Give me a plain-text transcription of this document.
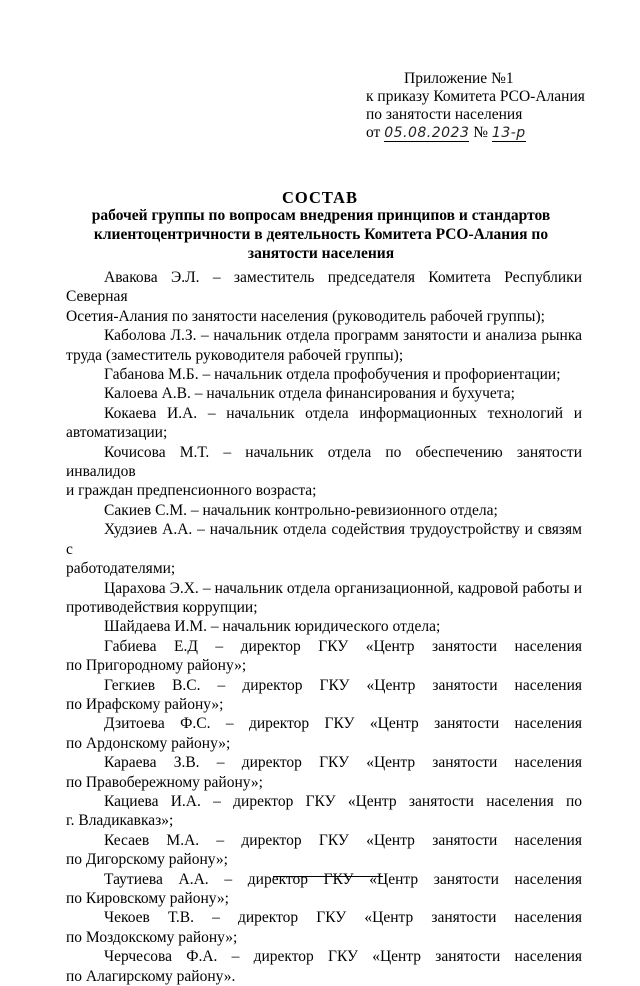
Приложение №1
к приказу Комитета РСО-Алания
по занятости населения
от 05.08.2023 № 13-р
СОСТАВ
рабочей группы по вопросам внедрения принципов и стандартов клиентоцентричности в деятельность Комитета РСО-Алания по занятости населения
Авакова Э.Л. – заместитель председателя Комитета Республики Северная
Осетия-Алания по занятости населения (руководитель рабочей группы);
Каболова Л.З. – начальник отдела программ занятости и анализа рынка
труда (заместитель руководителя рабочей группы);
Габанова М.Б. – начальник отдела профобучения и профориентации;
Калоева А.В. – начальник отдела финансирования и бухучета;
Кокаева И.А. – начальник отдела информационных технологий и
автоматизации;
Кочисова М.Т. – начальник отдела по обеспечению занятости инвалидов
и граждан предпенсионного возраста;
Сакиев С.М. – начальник контрольно-ревизионного отдела;
Худзиев А.А. – начальник отдела содействия трудоустройству и связям с
работодателями;
Царахова Э.Х. – начальник отдела организационной, кадровой работы и
противодействия коррупции;
Шайдаева И.М. – начальник юридического отдела;
Габиева Е.Д – директор ГКУ «Центр занятости населения
по Пригородному району»;
Гегкиев В.С. – директор ГКУ «Центр занятости населения
по Ирафскому району»;
Дзитоева Ф.С. – директор ГКУ «Центр занятости населения
по Ардонскому району»;
Караева З.В. – директор ГКУ «Центр занятости населения
по Правобережному району»;
Кациева И.А. – директор ГКУ «Центр занятости населения по
г. Владикавказ»;
Кесаев М.А. – директор ГКУ «Центр занятости населения
по Дигорскому району»;
Таутиева А.А. – директор ГКУ «Центр занятости населения
по Кировскому району»;
Чекоев Т.В. – директор ГКУ «Центр занятости населения
по Моздокскому району»;
Черчесова Ф.А. – директор ГКУ «Центр занятости населения
по Алагирскому району».
